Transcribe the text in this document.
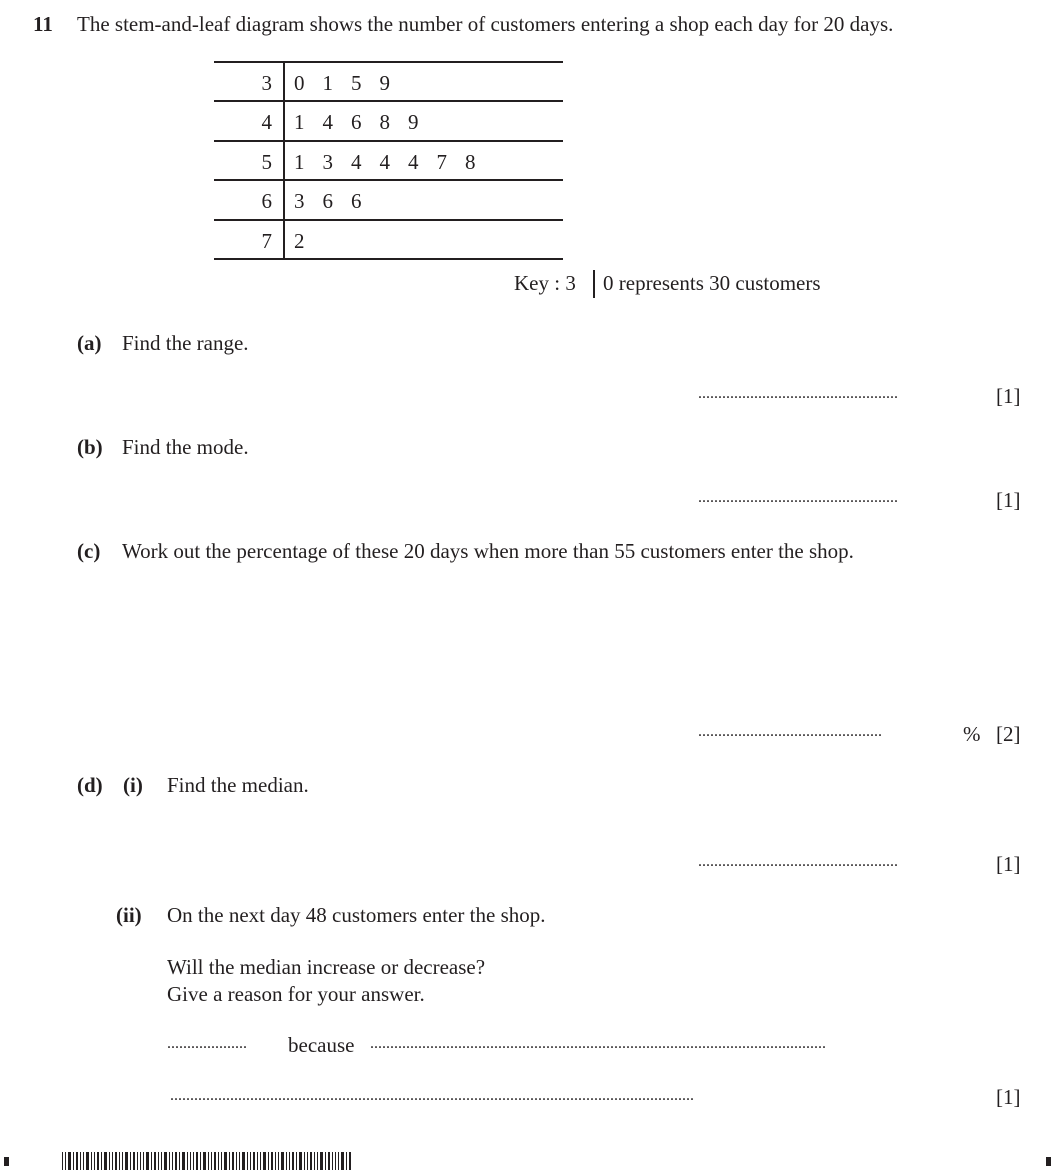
11 The stem-and-leaf diagram shows the number of customers entering a shop each day for 20 days.
3 0 1 5 9
4 1 4 6 8 9
5 1 3 4 4 4 7 8
6 3 6 6
7 2
Key : 3 0 represents 30 customers
(a) Find the range.
..................................................	[1]
(b) Find the mode.
..................................................	[1]
(c) Work out the percentage of these 20 days when more than 55 customers enter the shop.
..............................................	% [2]
(d) (i) Find the median.
..................................................	[1]
(ii) On the next day 48 customers enter the shop.
Will the median increase or decrease?
Give a reason for your answer.
.................... because ..................................................................................................................
...................................................................................................................................	[1]
